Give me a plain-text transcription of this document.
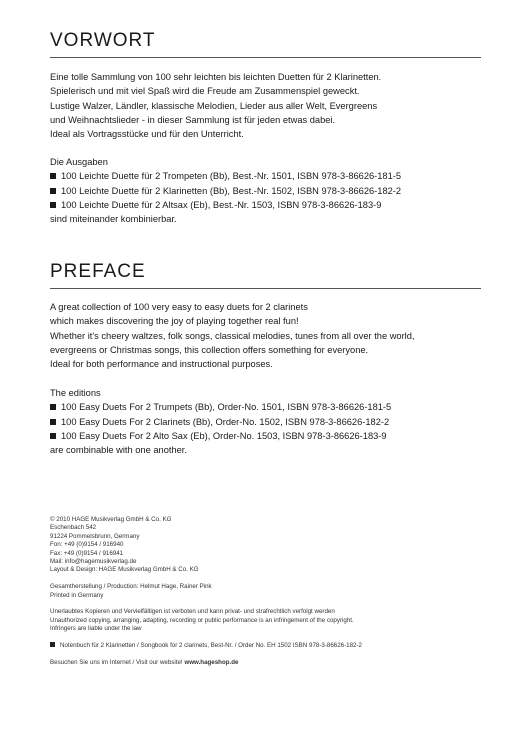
VORWORT

Eine tolle Sammlung von 100 sehr leichten bis leichten Duetten für 2 Klarinetten.

Spielerisch und mit viel Spaß wird die Freude am Zusammenspiel geweckt.

Lustige Walzer, Ländler, klassische Melodien, Lieder aus aller Welt, Evergreens

und Weihnachtslieder - in dieser Sammlung ist für jeden etwas dabei.

Ideal als Vortragsstücke und für den Unterricht.

Die Ausgaben

100 Leichte Duette für 2 Trompeten (Bb), Best.-Nr. 1501, ISBN 978-3-86626-181-5
100 Leichte Duette für 2 Klarinetten (Bb), Best.-Nr. 1502, ISBN 978-3-86626-182-2
100 Leichte Duette für 2 Altsax (Eb), Best.-Nr. 1503, ISBN 978-3-86626-183-9

sind miteinander kombinierbar.

PREFACE

A great collection of 100 very easy to easy duets for 2 clarinets

which makes discovering the joy of playing together real fun!

Whether it's cheery waltzes, folk songs, classical melodies, tunes from all over the world,

evergreens or Christmas songs, this collection offers something for everyone.

Ideal for both performance and instructional purposes.

The editions

100 Easy Duets For 2 Trumpets (Bb), Order-No. 1501, ISBN 978-3-86626-181-5
100 Easy Duets For 2 Clarinets (Bb), Order-No. 1502, ISBN 978-3-86626-182-2
100 Easy Duets For 2 Alto Sax (Eb), Order-No. 1503, ISBN 978-3-86626-183-9

are combinable with one another.

© 2010 HAGE Musikverlag GmbH & Co. KG

Eschenbach 542

91224 Pommelsbrunn, Germany

Fon: +49 (0)9154 / 916940

Fax: +49 (0)9154 / 916941

Mail: info@hagemusikverlag.de

Layout & Design: HAGE Musikverlag GmbH & Co. KG

Gesamtherstellung / Production: Helmut Hage, Rainer Pink

Printed in Germany

Unerlaubtes Kopieren und Vervielfältigen ist verboten und kann privat- und strafrechtlich verfolgt werden

Unauthorized copying, arranging, adapting, recording or public performance is an infringement of the copyright.

Infringers are liable under the law

Notenbuch für 2 Klarinetten / Songbook for 2 clarinets, Best-Nr. / Order No. EH 1502 ISBN 978-3-86626-182-2

Besuchen Sie uns im Internet / Visit our website! www.hageshop.de
